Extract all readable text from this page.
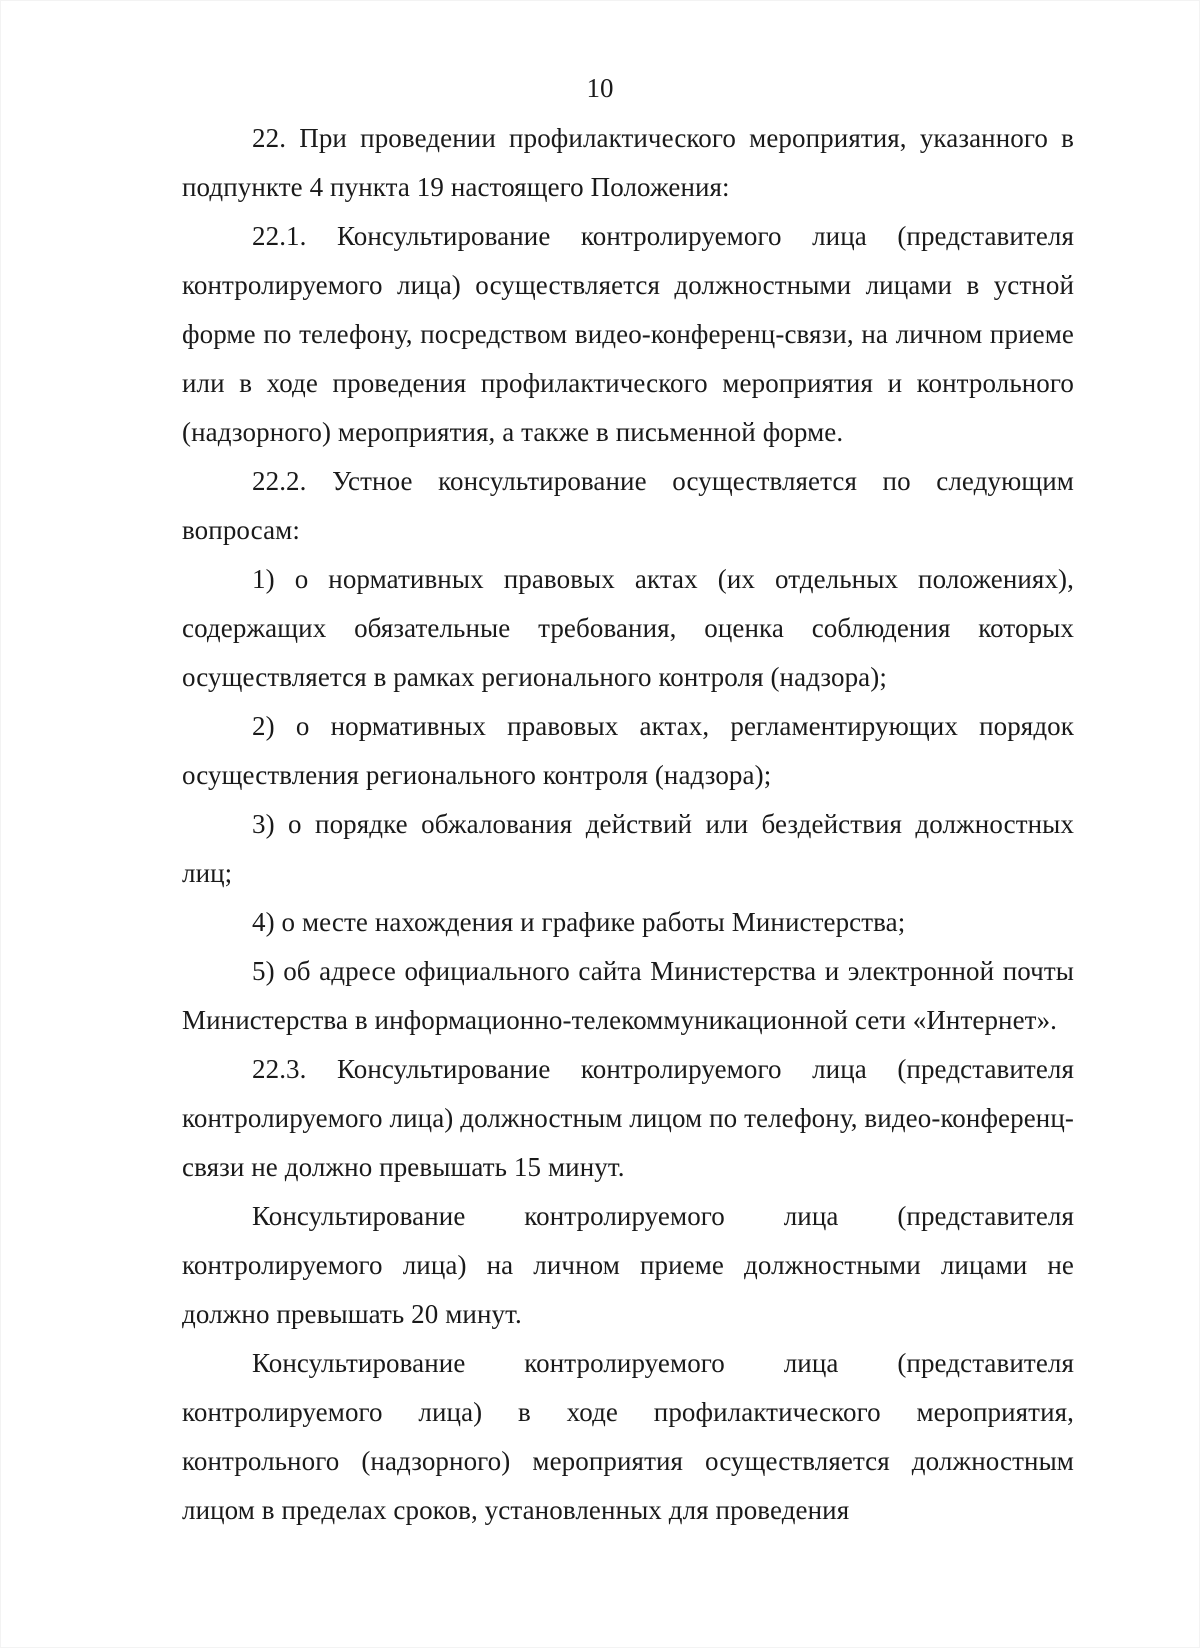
10

22. При проведении профилактического мероприятия, указанного в подпункте 4 пункта 19 настоящего Положения:

22.1. Консультирование контролируемого лица (представителя контролируемого лица) осуществляется должностными лицами в устной форме по телефону, посредством видео-конференц-связи, на личном приеме или в ходе проведения профилактического мероприятия и контрольного (надзорного) мероприятия, а также в письменной форме.

22.2. Устное консультирование осуществляется по следующим вопросам:

1) о нормативных правовых актах (их отдельных положениях), содержащих обязательные требования, оценка соблюдения которых осуществляется в рамках регионального контроля (надзора);

2) о нормативных правовых актах, регламентирующих порядок осуществления регионального контроля (надзора);

3) о порядке обжалования действий или бездействия должностных лиц;

4) о месте нахождения и графике работы Министерства;

5) об адресе официального сайта Министерства и электронной почты Министерства в информационно-телекоммуникационной сети «Интернет».

22.3. Консультирование контролируемого лица (представителя контролируемого лица) должностным лицом по телефону, видео-конференц-связи не должно превышать 15 минут.

Консультирование контролируемого лица (представителя контролируемого лица) на личном приеме должностными лицами не должно превышать 20 минут.

Консультирование контролируемого лица (представителя контролируемого лица) в ходе профилактического мероприятия, контрольного (надзорного) мероприятия осуществляется должностным лицом в пределах сроков, установленных для проведения
